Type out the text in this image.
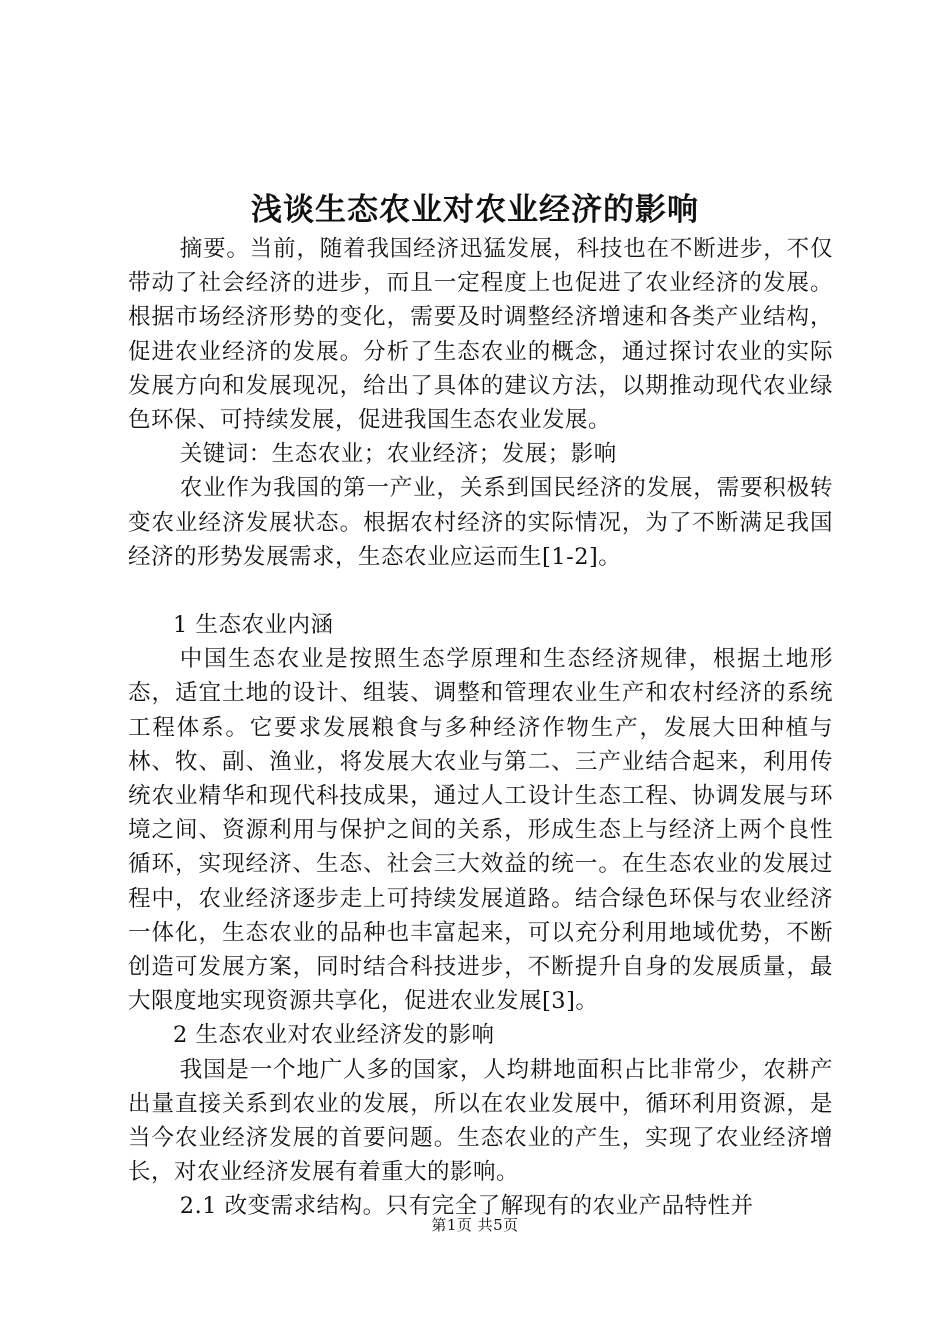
浅谈生态农业对农业经济的影响

摘要。当前，随着我国经济迅猛发展，科技也在不断进步，不仅带动了社会经济的进步，而且一定程度上也促进了农业经济的发展。根据市场经济形势的变化，需要及时调整经济增速和各类产业结构，促进农业经济的发展。分析了生态农业的概念，通过探讨农业的实际发展方向和发展现况，给出了具体的建议方法，以期推动现代农业绿色环保、可持续发展，促进我国生态农业发展。

关键词：生态农业；农业经济；发展；影响

农业作为我国的第一产业，关系到国民经济的发展，需要积极转变农业经济发展状态。根据农村经济的实际情况，为了不断满足我国经济的形势发展需求，生态农业应运而生[1-2]。

1 生态农业内涵

中国生态农业是按照生态学原理和生态经济规律，根据土地形态，适宜土地的设计、组装、调整和管理农业生产和农村经济的系统工程体系。它要求发展粮食与多种经济作物生产，发展大田种植与林、牧、副、渔业，将发展大农业与第二、三产业结合起来，利用传统农业精华和现代科技成果，通过人工设计生态工程、协调发展与环境之间、资源利用与保护之间的关系，形成生态上与经济上两个良性循环，实现经济、生态、社会三大效益的统一。在生态农业的发展过程中，农业经济逐步走上可持续发展道路。结合绿色环保与农业经济一体化，生态农业的品种也丰富起来，可以充分利用地域优势，不断创造可发展方案，同时结合科技进步，不断提升自身的发展质量，最大限度地实现资源共享化，促进农业发展[3]。

2 生态农业对农业经济发的影响

我国是一个地广人多的国家，人均耕地面积占比非常少，农耕产出量直接关系到农业的发展，所以在农业发展中，循环利用资源，是当今农业经济发展的首要问题。生态农业的产生，实现了农业经济增长，对农业经济发展有着重大的影响。

2.1 改变需求结构。只有完全了解现有的农业产品特性并

第1页 共5页
